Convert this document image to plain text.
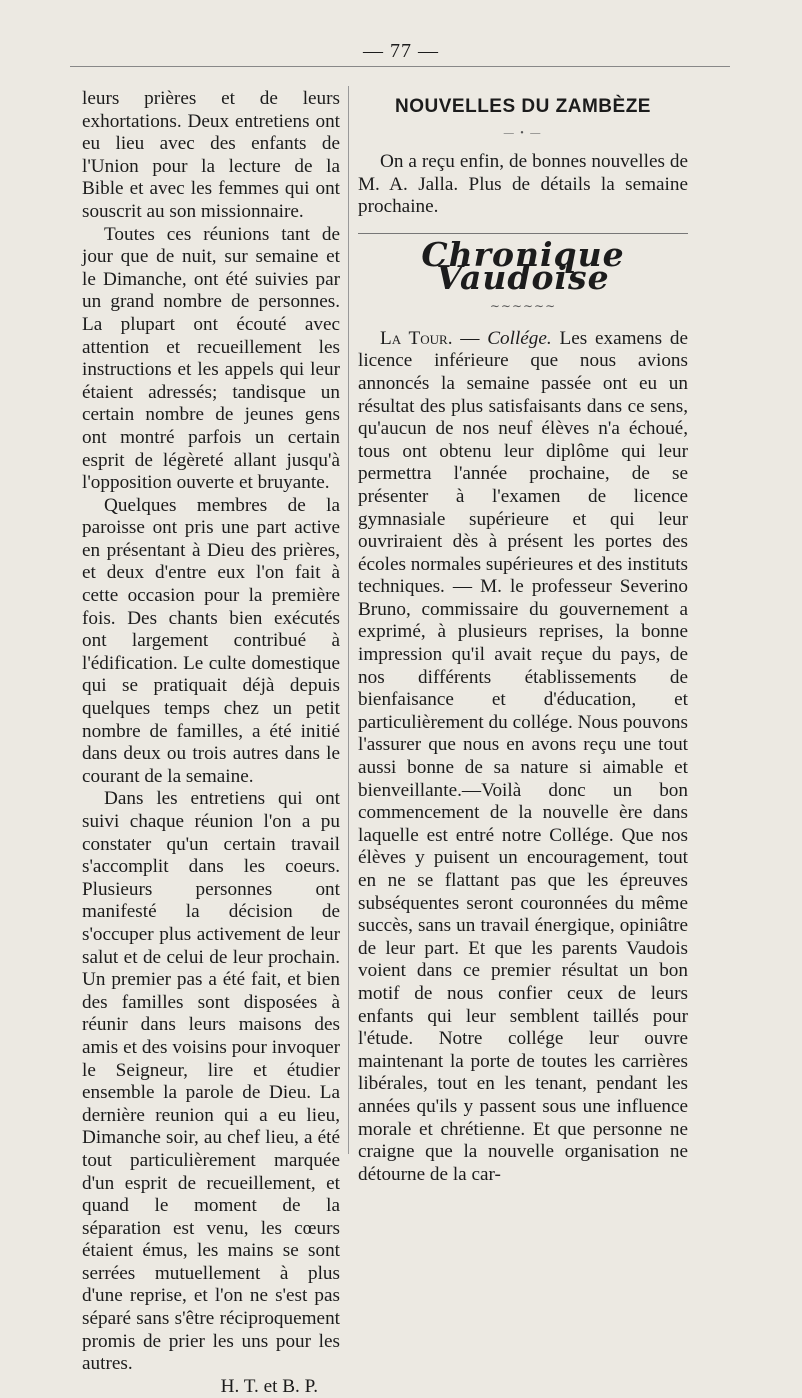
— 77 —

leurs prières et de leurs exhortations. Deux entretiens ont eu lieu avec des enfants de l'Union pour la lecture de la Bible et avec les femmes qui ont souscrit au son missionnaire.

Toutes ces réunions tant de jour que de nuit, sur semaine et le Dimanche, ont été suivies par un grand nombre de personnes. La plupart ont écouté avec attention et recueillement les instructions et les appels qui leur étaient adressés; tandisque un certain nombre de jeunes gens ont montré parfois un certain esprit de légèreté allant jusqu'à l'opposition ouverte et bruyante.

Quelques membres de la paroisse ont pris une part active en présentant à Dieu des prières, et deux d'entre eux l'on fait à cette occasion pour la première fois. Des chants bien exécutés ont largement contribué à l'édification. Le culte domestique qui se pratiquait déjà depuis quelques temps chez un petit nombre de familles, a été initié dans deux ou trois autres dans le courant de la semaine.

Dans les entretiens qui ont suivi chaque réunion l'on a pu constater qu'un certain travail s'accomplit dans les coeurs. Plusieurs personnes ont manifesté la décision de s'occuper plus activement de leur salut et de celui de leur prochain. Un premier pas a été fait, et bien des familles sont disposées à réunir dans leurs maisons des amis et des voisins pour invoquer le Seigneur, lire et étudier ensemble la parole de Dieu. La dernière reunion qui a eu lieu, Dimanche soir, au chef lieu, a été tout particulièrement marquée d'un esprit de recueillement, et quand le moment de la séparation est venu, les cœurs étaient émus, les mains se sont serrées mutuellement à plus d'une reprise, et l'on ne s'est pas séparé sans s'être réciproquement promis de prier les uns pour les autres.

H. T. et B. P.

NOUVELLES DU ZAMBÈZE
— • —

On a reçu enfin, de bonnes nouvelles de M. A. Jalla. Plus de détails la semaine prochaine.

Chronique Vaudoise
∼∼∼∼∼∼

La Tour. — Collége. Les examens de licence inférieure que nous avions annoncés la semaine passée ont eu un résultat des plus satisfaisants dans ce sens, qu'aucun de nos neuf élèves n'a échoué, tous ont obtenu leur diplôme qui leur permettra l'année prochaine, de se présenter à l'examen de licence gymnasiale supérieure et qui leur ouvriraient dès à présent les portes des écoles normales supérieures et des instituts techniques. — M. le professeur Severino Bruno, commissaire du gouvernement a exprimé, à plusieurs reprises, la bonne impression qu'il avait reçue du pays, de nos différents établissements de bienfaisance et d'éducation, et particulièrement du collége. Nous pouvons l'assurer que nous en avons reçu une tout aussi bonne de sa nature si aimable et bienveillante.—Voilà donc un bon commencement de la nouvelle ère dans laquelle est entré notre Collége. Que nos élèves y puisent un encouragement, tout en ne se flattant pas que les épreuves subséquentes seront couronnées du même succès, sans un travail énergique, opiniâtre de leur part. Et que les parents Vaudois voient dans ce premier résultat un bon motif de nous confier ceux de leurs enfants qui leur semblent taillés pour l'étude. Notre collége leur ouvre maintenant la porte de toutes les carrières libérales, tout en les tenant, pendant les années qu'ils y passent sous une influence morale et chrétienne. Et que personne ne craigne que la nouvelle organisation ne détourne de la car-
